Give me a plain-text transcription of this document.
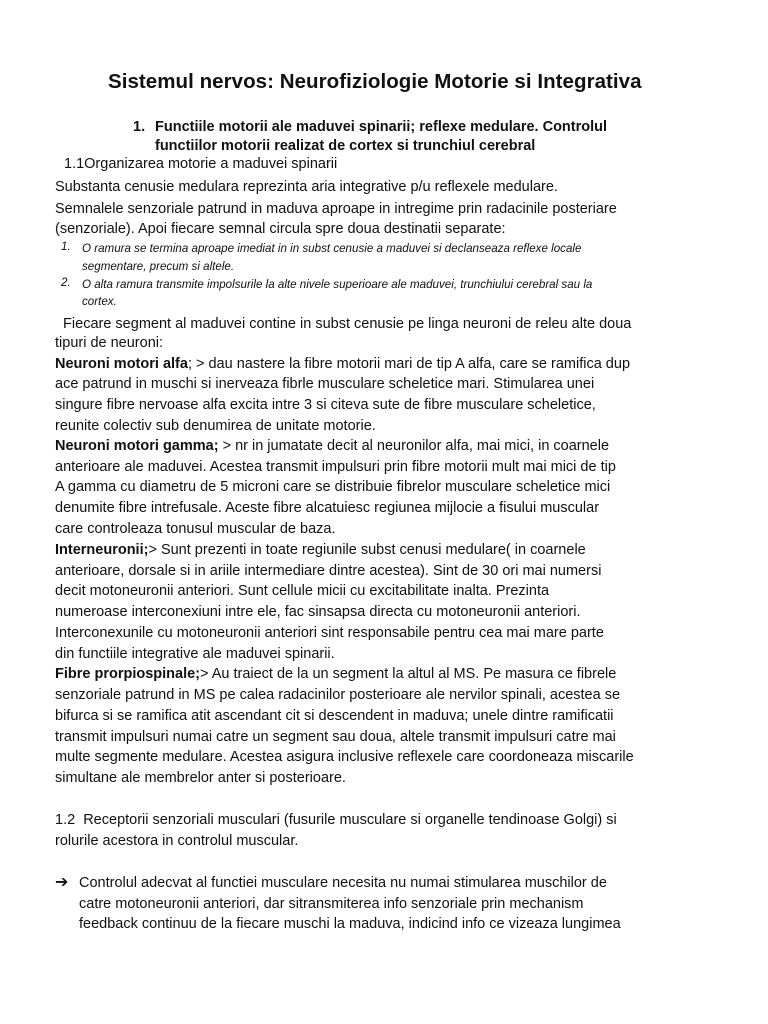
Sistemul nervos: Neurofiziologie Motorie si Integrativa
1. Functiile motorii ale maduvei spinarii; reflexe medulare. Controlul
functiilor motorii realizat de cortex si trunchiul cerebral
1.1Organizarea motorie a maduvei spinarii
Substanta cenusie medulara reprezinta aria integrative p/u reflexele medulare.
Semnalele senzoriale patrund in maduva aproape in intregime prin radacinile posteriare
(senzoriale). Apoi fiecare semnal circula spre doua destinatii separate:
1. O ramura se termina aproape imediat in in subst cenusie a maduvei si declanseaza reflexe locale
segmentare, precum si altele.
2. O alta ramura transmite impolsurile la alte nivele superioare ale maduvei, trunchiului cerebral sau la
cortex.
Fiecare segment al maduvei contine in subst cenusie pe linga neuroni de releu alte doua
tipuri de neuroni:
Neuroni motori alfa; > dau nastere la fibre motorii mari de tip A alfa, care se ramifica dup
ace patrund in muschi si inerveaza fibrle musculare scheletice mari. Stimularea unei
singure fibre nervoase alfa excita intre 3 si citeva sute de fibre musculare scheletice,
reunite colectiv sub denumirea de unitate motorie.
Neuroni motori gamma; > nr in jumatate decit al neuronilor alfa, mai mici, in coarnele
anterioare ale maduvei. Acestea transmit impulsuri prin fibre motorii mult mai mici de tip
A gamma cu diametru de 5 microni care se distribuie fibrelor musculare scheletice mici
denumite fibre intrefusale. Aceste fibre alcatuiesc regiunea mijlocie a fisului muscular
care controleaza tonusul muscular de baza.
Interneuronii;> Sunt prezenti in toate regiunile subst cenusi medulare( in coarnele
anterioare, dorsale si in ariile intermediare dintre acestea). Sint de 30 ori mai numersi
decit motoneuronii anteriori. Sunt cellule micii cu excitabilitate inalta. Prezinta
numeroase interconexiuni intre ele, fac sinsapsa directa cu motoneuronii anteriori.
Interconexunile cu motoneuronii anteriori sint responsabile pentru cea mai mare parte
din functiile integrative ale maduvei spinarii.
Fibre prorpiospinale;> Au traiect de la un segment la altul al MS. Pe masura ce fibrele
senzoriale patrund in MS pe calea radacinilor posterioare ale nervilor spinali, acestea se
bifurca si se ramifica atit ascendant cit si descendent in maduva; unele dintre ramificatii
transmit impulsuri numai catre un segment sau doua, altele transmit impulsuri catre mai
multe segmente medulare. Acestea asigura inclusive reflexele care coordoneaza miscarile
simultane ale membrelor anter si posterioare.
1.2  Receptorii senzoriali musculari (fusurile musculare si organelle tendinoase Golgi) si
rolurile acestora in controlul muscular.
➔ Controlul adecvat al functiei musculare necesita nu numai stimularea muschilor de
catre motoneuronii anteriori, dar sitransmiterea info senzoriale prin mechanism
feedback continuu de la fiecare muschi la maduva, indicind info ce vizeaza lungimea
